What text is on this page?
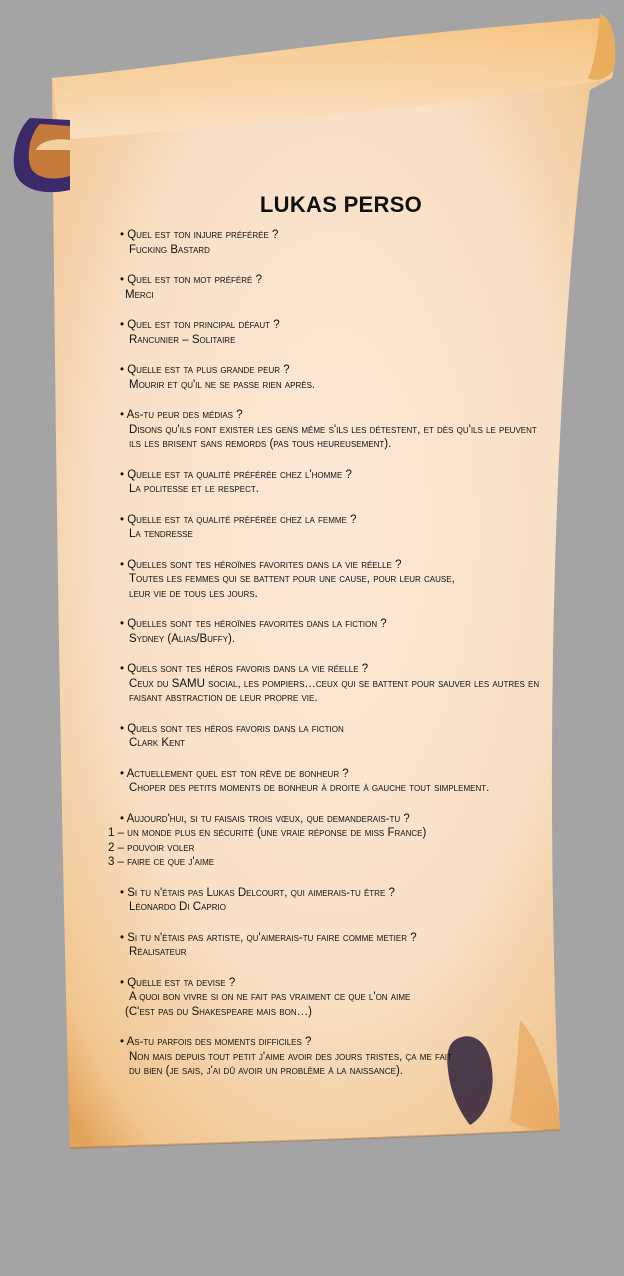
LUKAS PERSO
• Quel est ton injure préférée ?
Fucking Bastard
• Quel est ton mot préféré ?
Merci
• Quel est ton principal défaut ?
Rancunier – Solitaire
• Quelle est ta plus grande peur ?
Mourir et qu'il ne se passe rien après.
• As-tu peur des médias ?
Disons qu'ils font exister les gens même s'ils les détestent, et dès qu'ils le peuvent
ils les brisent sans remords (pas tous heureusement).
• Quelle est ta qualité préférée chez l'homme ?
La politesse et le respect.
• Quelle est ta qualité préférée chez la femme ?
La tendresse
• Quelles sont tes héroïnes favorites dans la vie réelle ?
Toutes les femmes qui se battent pour une cause, pour leur cause,
leur vie de tous les jours.
• Quelles sont tes héroïnes favorites dans la fiction ?
Sydney (Alias/Buffy).
• Quels sont tes héros favoris dans la vie réelle ?
Ceux du SAMU social, les pompiers…ceux qui se battent pour sauver les autres en
faisant abstraction de leur propre vie.
• Quels sont tes héros favoris dans la fiction
Clark Kent
• Actuellement quel est ton rêve de bonheur ?
Choper des petits moments de bonheur à droite à gauche tout simplement.
• Aujourd'hui, si tu faisais trois vœux, que demanderais-tu ?
1 – un monde plus en sécurité (une vraie réponse de miss France)
2 – pouvoir voler
3 – faire ce que j'aime
• Si tu n'étais pas Lukas Delcourt, qui aimerais-tu être ?
Léonardo Di Caprio
• Si tu n'étais pas artiste, qu'aimerais-tu faire comme metier ?
Réalisateur
• Quelle est ta devise ?
A quoi bon vivre si on ne fait pas vraiment ce que l'on aime
(C'est pas du Shakespeare mais bon…)
• As-tu parfois des moments difficiles ?
Non mais depuis tout petit j'aime avoir des jours tristes, ça me fait
du bien (je sais, j'ai dû avoir un problème à la naissance).
